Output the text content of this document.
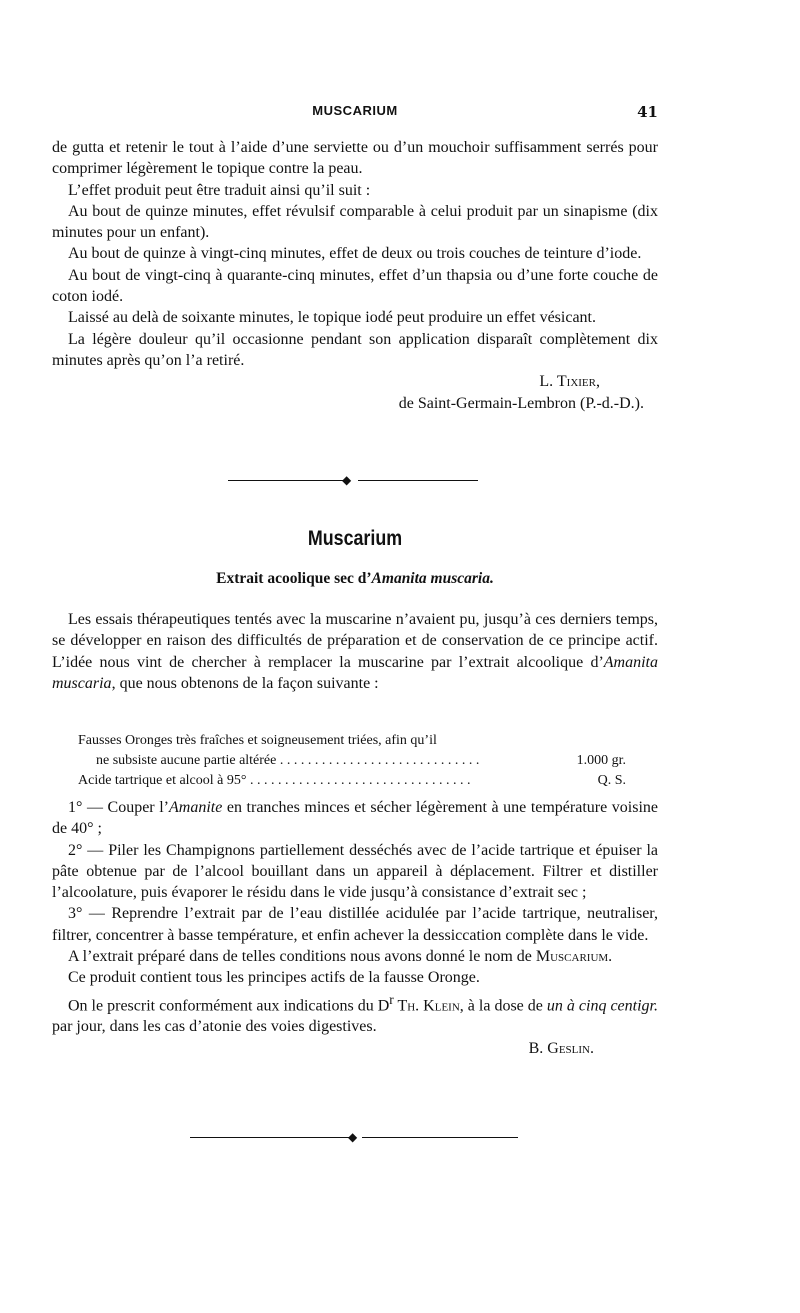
MUSCARIUM	41

de gutta et retenir le tout à l’aide d’une serviette ou d’un mouchoir suffisamment serrés pour comprimer légèrement le topique contre la peau.

L’effet produit peut être traduit ainsi qu’il suit :

Au bout de quinze minutes, effet révulsif comparable à celui produit par un sinapisme (dix minutes pour un enfant).

Au bout de quinze à vingt-cinq minutes, effet de deux ou trois couches de teinture d’iode.

Au bout de vingt-cinq à quarante-cinq minutes, effet d’un thapsia ou d’une forte couche de coton iodé.

Laissé au delà de soixante minutes, le topique iodé peut produire un effet vésicant.

La légère douleur qu’il occasionne pendant son application disparaît complètement dix minutes après qu’on l’a retiré.

L. Tixier,

de Saint-Germain-Lembron (P.-d.-D.).

◆
Muscarium
Extrait acoolique sec d’Amanita muscaria.

Les essais thérapeutiques tentés avec la muscarine n’avaient pu, jusqu’à ces derniers temps, se développer en raison des difficultés de préparation et de conservation de ce principe actif. L’idée nous vint de chercher à remplacer la muscarine par l’extrait alcoolique d’Amanita muscaria, que nous obtenons de la façon suivante :

Fausses Oronges très fraîches et soigneusement triées, afin qu’il
ne subsiste aucune partie altérée . . . . . . . . . . . . . . . . . . . . . . . . . . . . .	1.000 gr.
Acide tartrique et alcool à 95° . . . . . . . . . . . . . . . . . . . . . . . . . . . . . . . .	Q. S.

1° — Couper l’Amanite en tranches minces et sécher légèrement à une température voisine de 40° ;

2° — Piler les Champignons partiellement desséchés avec de l’acide tartrique et épuiser la pâte obtenue par de l’alcool bouillant dans un appareil à déplacement. Filtrer et distiller l’alcoolature, puis évaporer le résidu dans le vide jusqu’à consistance d’extrait sec ;

3° — Reprendre l’extrait par de l’eau distillée acidulée par l’acide tartrique, neutraliser, filtrer, concentrer à basse température, et enfin achever la dessiccation complète dans le vide.

A l’extrait préparé dans de telles conditions nous avons donné le nom de Muscarium.

Ce produit contient tous les principes actifs de la fausse Oronge.

On le prescrit conformément aux indications du $D^r$ Th. Klein, à la dose de un à cinq centigr. par jour, dans les cas d’atonie des voies digestives.

B. Geslin.

◆
